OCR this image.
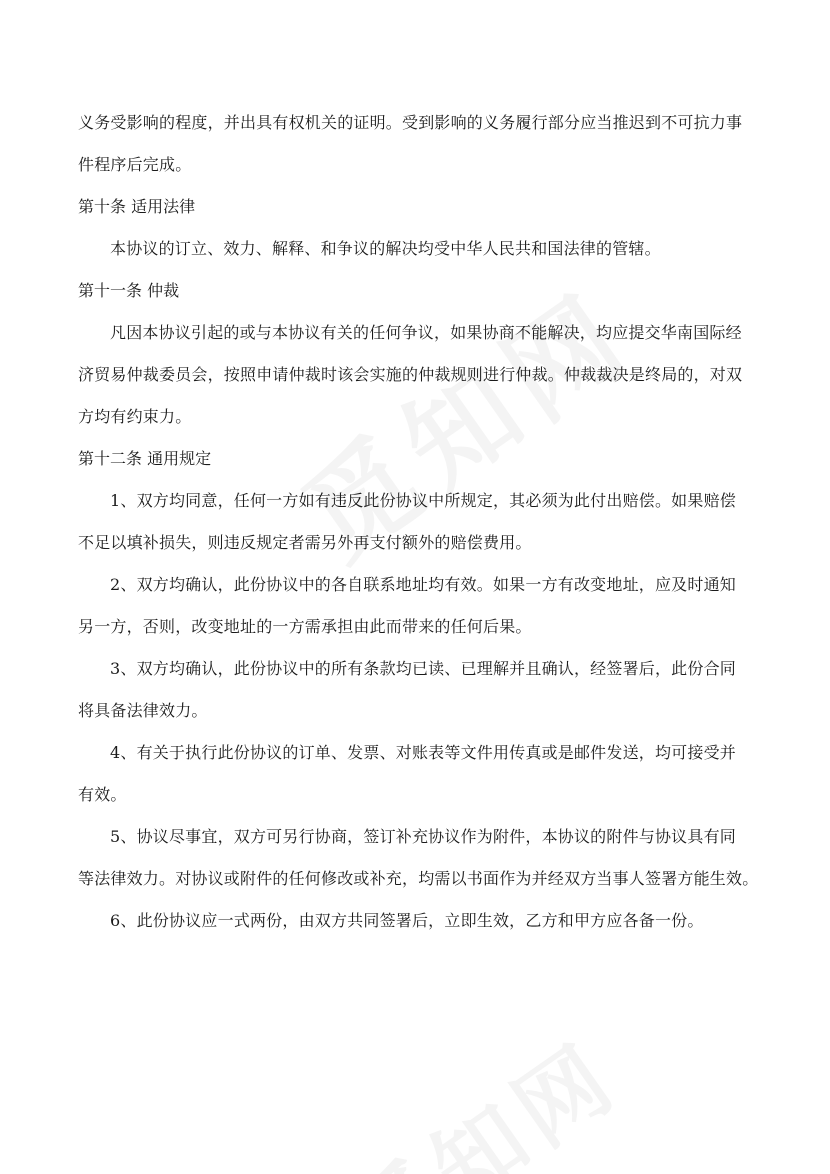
义务受影响的程度，并出具有权机关的证明。受到影响的义务履行部分应当推迟到不可抗力事
件程序后完成。
第十条 适用法律
本协议的订立、效力、解释、和争议的解决均受中华人民共和国法律的管辖。
第十一条 仲裁
凡因本协议引起的或与本协议有关的任何争议，如果协商不能解决，均应提交华南国际经
济贸易仲裁委员会，按照申请仲裁时该会实施的仲裁规则进行仲裁。仲裁裁决是终局的，对双
方均有约束力。
第十二条 通用规定
1、双方均同意，任何一方如有违反此份协议中所规定，其必须为此付出赔偿。如果赔偿
不足以填补损失，则违反规定者需另外再支付额外的赔偿费用。
2、双方均确认，此份协议中的各自联系地址均有效。如果一方有改变地址，应及时通知
另一方，否则，改变地址的一方需承担由此而带来的任何后果。
3、双方均确认，此份协议中的所有条款均已读、已理解并且确认，经签署后，此份合同
将具备法律效力。
4、有关于执行此份协议的订单、发票、对账表等文件用传真或是邮件发送，均可接受并
有效。
5、协议尽事宜，双方可另行协商，签订补充协议作为附件，本协议的附件与协议具有同
等法律效力。对协议或附件的任何修改或补充，均需以书面作为并经双方当事人签署方能生效。
6、此份协议应一式两份，由双方共同签署后，立即生效，乙方和甲方应各备一份。
